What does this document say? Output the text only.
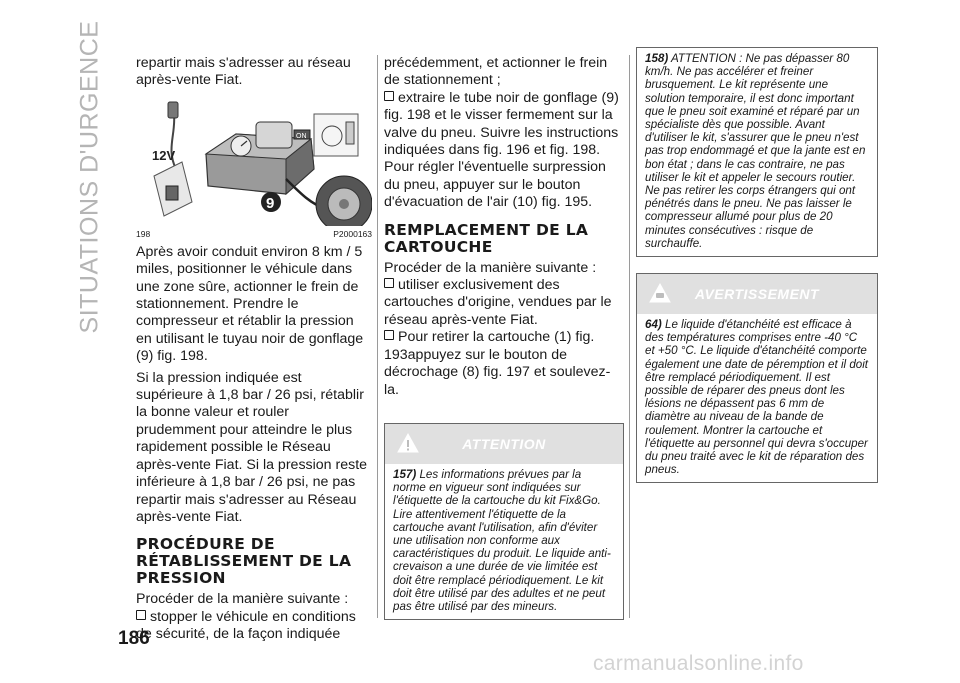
SITUATIONS D'URGENCE repartir mais s'adresser au réseau après-vente Fiat.

ON
12V
9
198	P2000163

Après avoir conduit environ 8 km / 5 miles, positionner le véhicule dans une zone sûre, actionner le frein de stationnement. Prendre le compresseur et rétablir la pression en utilisant le tuyau noir de gonflage (9) fig. 198.

Si la pression indiquée est supérieure à 1,8 bar / 26 psi, rétablir la bonne valeur et rouler prudemment pour atteindre le plus rapidement possible le Réseau après-vente Fiat. Si la pression reste inférieure à 1,8 bar / 26 psi, ne pas repartir mais s'adresser au Réseau après-vente Fiat.

PROCÉDURE DE RÉTABLISSEMENT DE LA PRESSION

Procéder de la manière suivante :

stopper le véhicule en conditions de sécurité, de la façon indiquée

précédemment, et actionner le frein de stationnement ;

extraire le tube noir de gonflage (9) fig. 198 et le visser fermement sur la valve du pneu. Suivre les instructions indiquées dans fig. 196 et fig. 198. Pour régler l'éventuelle surpression du pneu, appuyer sur le bouton d'évacuation de l'air (10) fig. 195.

REMPLACEMENT DE LA CARTOUCHE

Procéder de la manière suivante :

utiliser exclusivement des cartouches d'origine, vendues par le réseau après-vente Fiat.

Pour retirer la cartouche (1) fig. 193appuyez sur le bouton de décrochage (8) fig. 197 et soulevez-la.

ATTENTION

157) Les informations prévues par la norme en vigueur sont indiquées sur l'étiquette de la cartouche du kit Fix&Go. Lire attentivement l'étiquette de la cartouche avant l'utilisation, afin d'éviter une utilisation non conforme aux caractéristiques du produit. Le liquide anti-crevaison a une durée de vie limitée est doit être remplacé périodiquement. Le kit doit être utilisé par des adultes et ne peut pas être utilisé par des mineurs.

158) ATTENTION : Ne pas dépasser 80 km/h. Ne pas accélérer et freiner brusquement. Le kit représente une solution temporaire, il est donc important que le pneu soit examiné et réparé par un spécialiste dès que possible. Avant d'utiliser le kit, s'assurer que le pneu n'est pas trop endommagé et que la jante est en bon état ; dans le cas contraire, ne pas utiliser le kit et appeler le secours routier. Ne pas retirer les corps étrangers qui ont pénétrés dans le pneu. Ne pas laisser le compresseur allumé pour plus de 20 minutes consécutives : risque de surchauffe.

AVERTISSEMENT

64) Le liquide d'étanchéité est efficace à des températures comprises entre -40 °C et +50 °C. Le liquide d'étanchéité comporte également une date de péremption et il doit être remplacé périodiquement. Il est possible de réparer des pneus dont les lésions ne dépassent pas 6 mm de diamètre au niveau de la bande de roulement. Montrer la cartouche et l'étiquette au personnel qui devra s'occuper du pneu traité avec le kit de réparation des pneus.

186
carmanualsonline.info
